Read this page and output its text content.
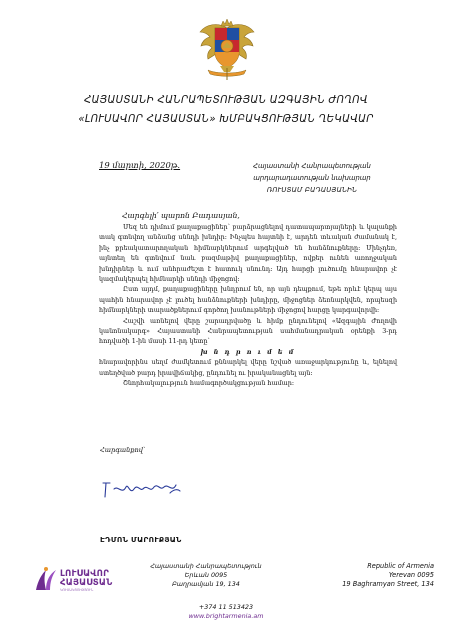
ՀԱՅԱՍՏԱՆԻ ՀԱՆՐԱՊԵՏՈՒԹՅԱՆ ԱԶԳԱՅԻՆ ԺՈՂՈՎ
«ԼՈՒՍԱՎՈՐ ՀԱՅԱՍՏԱՆ» ԽՄԲԱԿՑՈՒԹՅԱՆ ՂԵԿԱՎԱՐ
19 մարտի, 2020թ.	Հայաստանի Հանրապետության
արդարադատության նախարար
ՌՈՒՍՏԱՄ ԲԱԴԱՍՅԱՆԻՆ
Հարգելի՛ պարոն Բադասյան,

Մեզ են դիմում քաղաքացիներ՝ բարձրացնելով դատապարտյալների և կալանքի տակ գտնվող անձանց սննդի խնդիր: Ինչպես հայտնի է, արդեն տևական ժամանակ է, ինչ քրեակատարողական հիմնարկներում արգելված են հանձնուքները: Մինչդեռ, այնտեղ են գտնվում նաև բազմաթիվ քաղաքացիներ, ովքեր ունեն առողջական խնդիրներ և ում անհրաժեշտ է հատուկ սնունդ: Այդ հարցի լուծումը հնարավոր չէ կազմակերպել հիմնարկի սննդի միջոցով:

Ըստ այդմ, քաղաքացիները խնդրում են, որ այն դեպքում, եթե որևէ կերպ այս պահին հնարավոր չէ լուծել հանձնուքների խնդիրը, միջոցներ ձեռնարկվեն, որպեսզի հիմնարկների տարածքներում գործող խանութների միջոցով հարցը կարգավորվի:

Հաշվի առնելով վերը շարադրվածը և հիմք ընդունելով «Ազգային Ժողովի կանոնակարգ» Հայաստանի Հանրապետության սահմանադրական օրենքի 3-րդ հոդվածի 1-ին մասի 11-րդ կետը՝

խ ն դ ր ո ւ մ ե մ

հնարավորինս սեղմ ժամկետում քննարկել վերը նշված առաջարկությունը և, ելնելով ստեղծված բարդ իրավիճակից, ընդունել ու իրականացնել այն:

Շնորհակալություն համագործակցության համար:

Հարգանքով՝
ԷԴՄՈՆ ՄԱՐՈՒՔՅԱՆ
ԼՈՒՍԱՎՈՐ
ՀԱՅԱՍՏԱՆ
ԿՈՒՍԱԿՑՈՒԹՅՈՒՆ
Հայաստանի Հանրապետություն
Երևան 0095
Բաղրամյան 19, 134
Republic of Armenia
Yerevan 0095
19 Baghramyan Street, 134
+374 11 513423
www.brightarmenia.am
